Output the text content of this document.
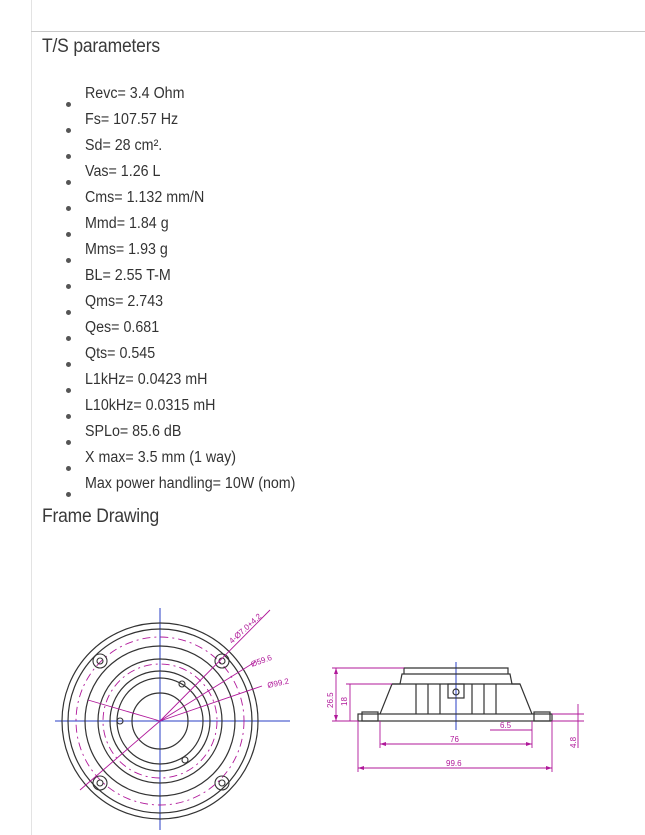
T/S parameters
Revc= 3.4 Ohm
Fs= 107.57 Hz
Sd= 28 cm².
Vas= 1.26 L
Cms= 1.132 mm/N
Mmd= 1.84 g
Mms= 1.93 g
BL= 2.55 T-M
Qms= 2.743
Qes= 0.681
Qts= 0.545
L1kHz= 0.0423 mH
L10kHz= 0.0315 mH
SPLo= 85.6 dB
X max= 3.5 mm (1 way)
Max power handling= 10W (nom)
Frame Drawing
4-Ø7.0+4.2
Ø59.6
Ø99.2
26.5 18
6.5
76
99.6
4.8
